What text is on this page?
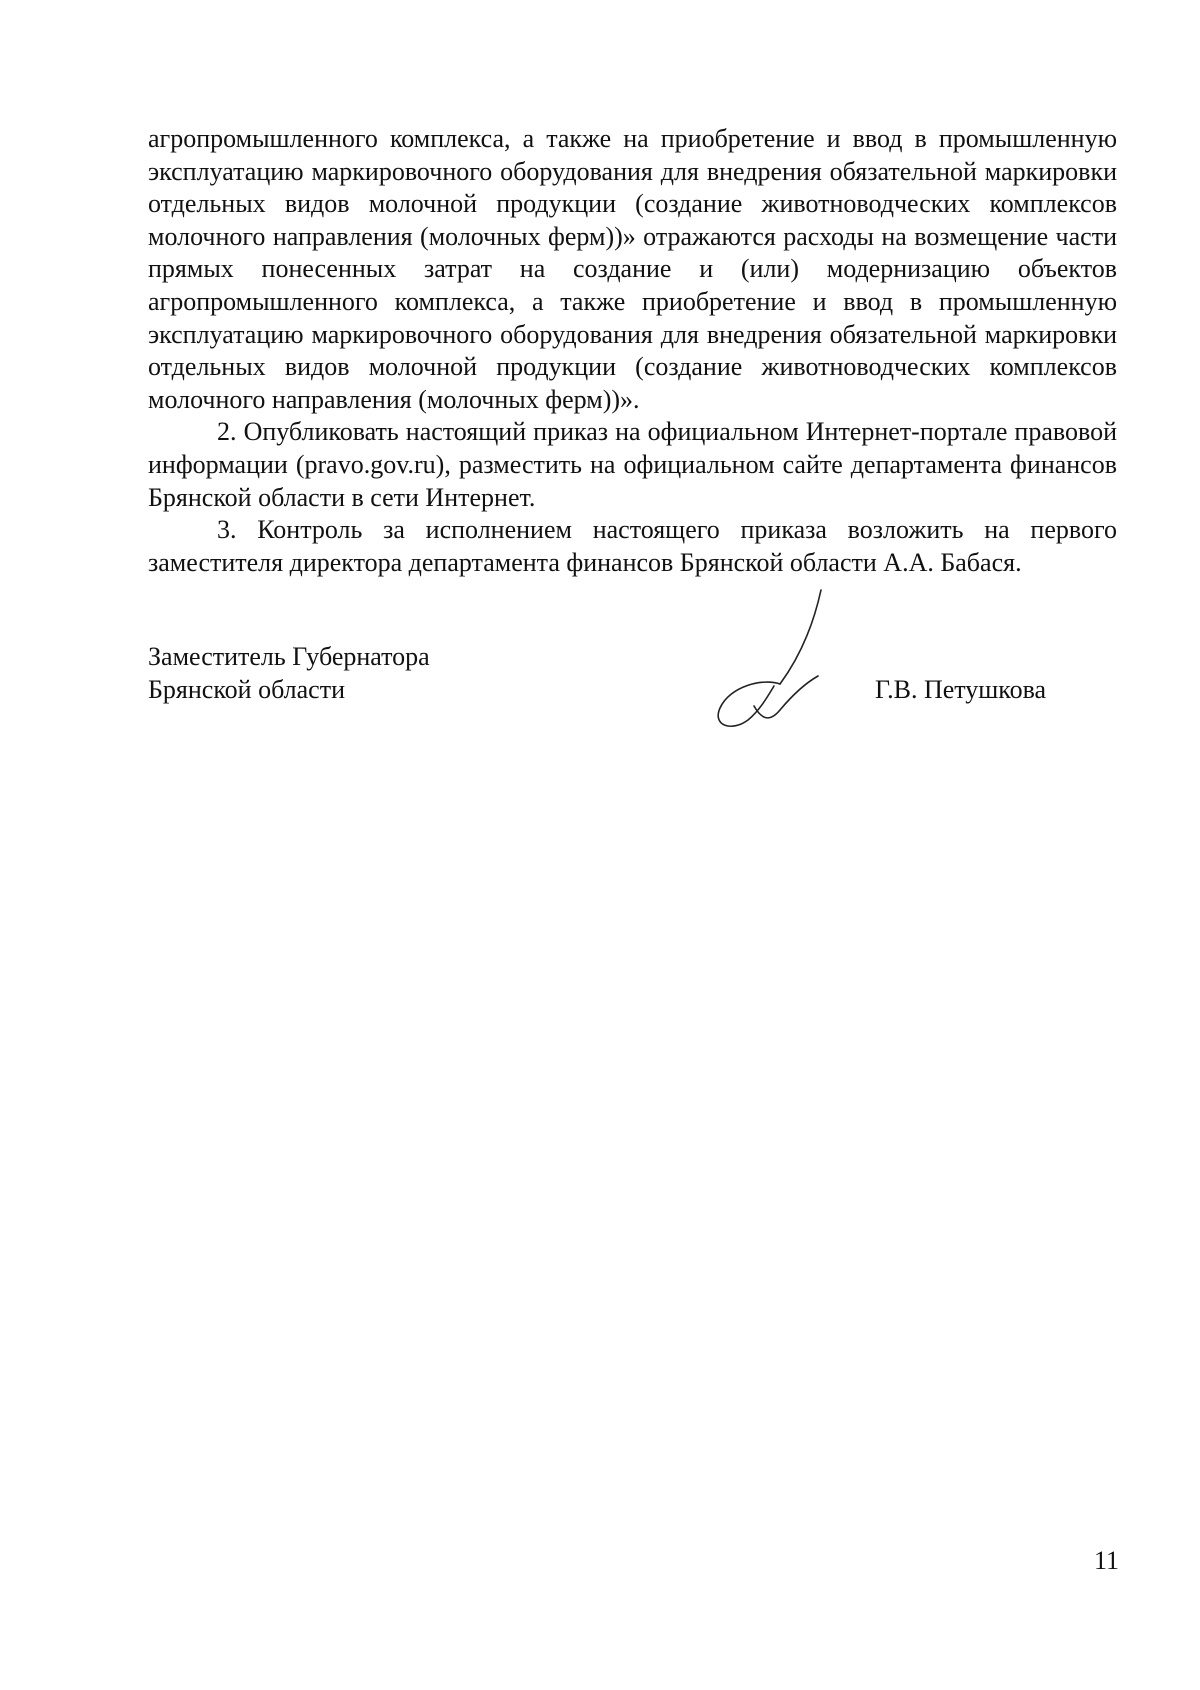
агропромышленного комплекса, а также на приобретение и ввод в промышленную эксплуатацию маркировочного оборудования для внедрения обязательной маркировки отдельных видов молочной продукции (создание животноводческих комплексов молочного направления (молочных ферм))» отражаются расходы на возмещение части прямых понесенных затрат на создание и (или) модернизацию объектов агропромышленного комплекса, а также приобретение и ввод в промышленную эксплуатацию маркировочного оборудования для внедрения обязательной маркировки отдельных видов молочной продукции (создание животноводческих комплексов молочного направления (молочных ферм))».

2. Опубликовать настоящий приказ на официальном Интернет-портале правовой информации (pravo.gov.ru), разместить на официальном сайте департамента финансов Брянской области в сети Интернет.

3. Контроль за исполнением настоящего приказа возложить на первого заместителя директора департамента финансов Брянской области А.А. Бабася.

Заместитель Губернатора
Брянской области	Г.В. Петушкова
11
